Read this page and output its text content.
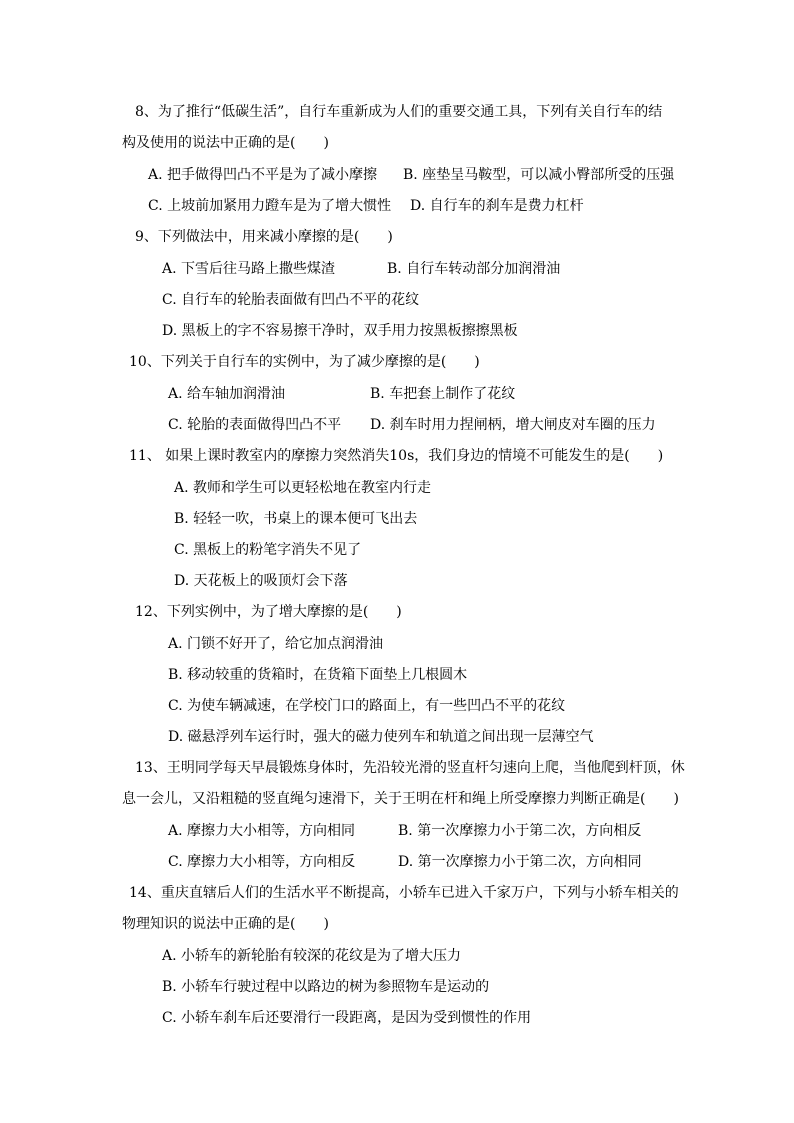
8、为了推行“低碳生活”，自行车重新成为人们的重要交通工具，下列有关自行车的结
构及使用的说法中正确的是(　　)
A. 把手做得凹凸不平是为了减小摩擦 B. 座垫呈马鞍型，可以减小臀部所受的压强
C. 上坡前加紧用力蹬车是为了增大惯性 D. 自行车的刹车是费力杠杆
9、下列做法中，用来减小摩擦的是(　　)
A. 下雪后往马路上撒些煤渣	B. 自行车转动部分加润滑油
C. 自行车的轮胎表面做有凹凸不平的花纹
D. 黑板上的字不容易擦干净时，双手用力按黑板擦擦黑板
10、下列关于自行车的实例中，为了减少摩擦的是(　　)
A. 给车轴加润滑油	B. 车把套上制作了花纹
C. 轮胎的表面做得凹凸不平 D. 刹车时用力捏闸柄，增大闸皮对车圈的压力
11、 如果上课时教室内的摩擦力突然消失10s，我们身边的情境不可能发生的是(　　)
A. 教师和学生可以更轻松地在教室内行走
B. 轻轻一吹，书桌上的课本便可飞出去
C. 黑板上的粉笔字消失不见了
D. 天花板上的吸顶灯会下落
12、下列实例中，为了增大摩擦的是(　　)
A. 门锁不好开了，给它加点润滑油
B. 移动较重的货箱时，在货箱下面垫上几根圆木
C. 为使车辆减速，在学校门口的路面上，有一些凹凸不平的花纹
D. 磁悬浮列车运行时，强大的磁力使列车和轨道之间出现一层薄空气
13、王明同学每天早晨锻炼身体时，先沿较光滑的竖直杆匀速向上爬，当他爬到杆顶，休
息一会儿，又沿粗糙的竖直绳匀速滑下，关于王明在杆和绳上所受摩擦力判断正确是(　　)
A. 摩擦力大小相等，方向相同	B. 第一次摩擦力小于第二次，方向相反
C. 摩擦力大小相等，方向相反	D. 第一次摩擦力小于第二次，方向相同
14、重庆直辖后人们的生活水平不断提高，小轿车已进入千家万户，下列与小轿车相关的
物理知识的说法中正确的是(　　)
A. 小轿车的新轮胎有较深的花纹是为了增大压力
B. 小轿车行驶过程中以路边的树为参照物车是运动的
C. 小轿车刹车后还要滑行一段距离，是因为受到惯性的作用
